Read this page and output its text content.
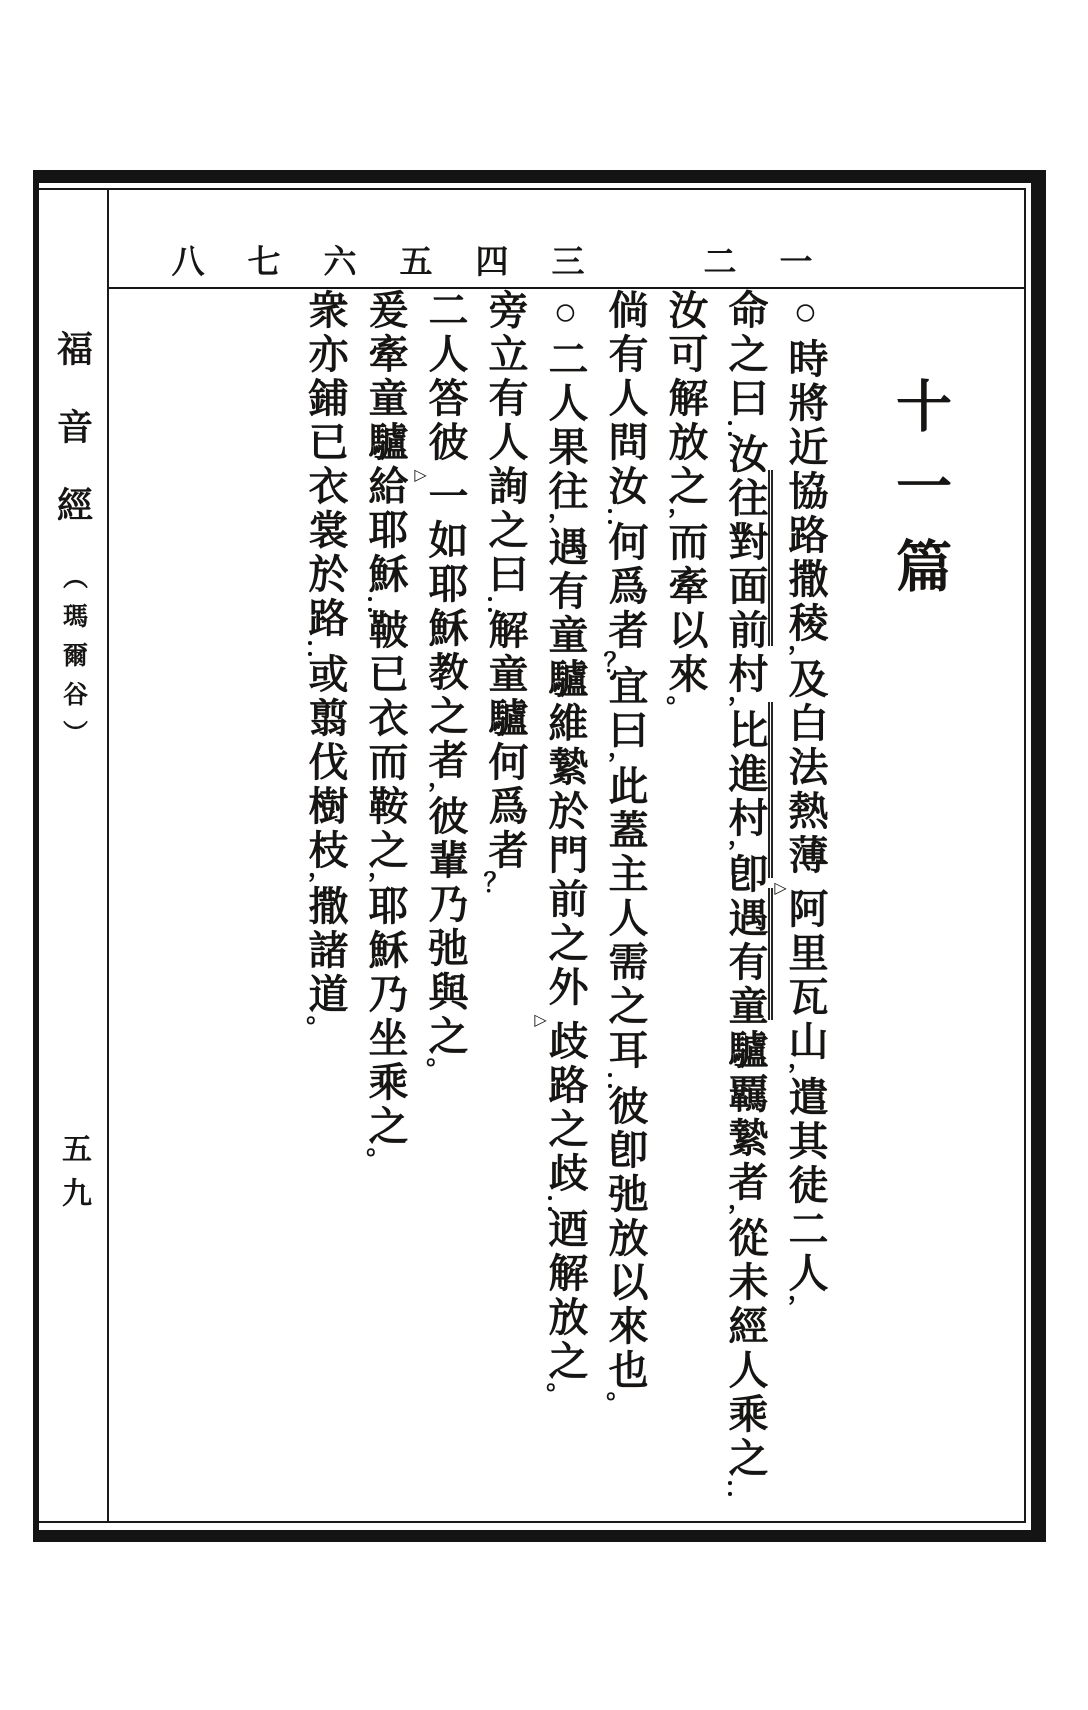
福音經（瑪爾谷）
五九
一
二
三
四
五
六
七
八
十一篇
○時將近協路撒稜，及白法熱薄▷阿里瓦山，遣其徒二人，
命之曰：汝往對面前村，比進村，卽遇有童驢覊縶者，從未經人乘之：
汝可解放之，而牽以來。
倘有人問汝：何爲者？宜曰，此蓋主人需之耳：彼卽弛放以來也。
○二人果往，遇有童驢維縶於門前之外▷歧路之歧：迺解放之。
旁立有人詢之曰：解童驢何爲者？
二人答彼▷一如耶穌教之者，彼輩乃弛與之。
爰牽童驢給耶穌：鞁已衣而鞍之，耶穌乃坐乘之。
衆亦鋪已衣裳於路：或翦伐樹枝，撒諸道。
